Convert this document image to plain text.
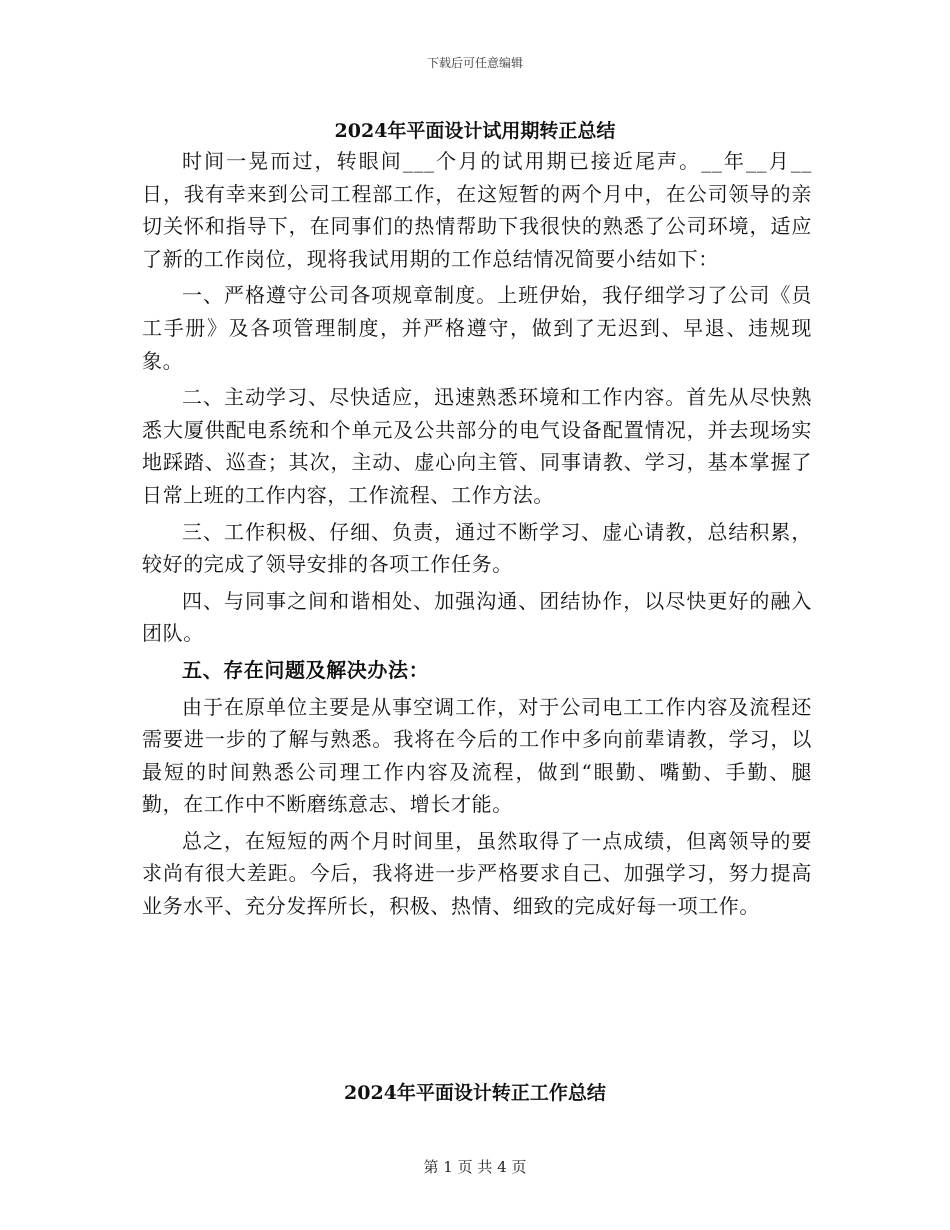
下载后可任意编辑
2024年平面设计试用期转正总结

时间一晃而过，转眼间___个月的试用期已接近尾声。__年__月__日，我有幸来到公司工程部工作，在这短暂的两个月中，在公司领导的亲切关怀和指导下，在同事们的热情帮助下我很快的熟悉了公司环境，适应了新的工作岗位，现将我试用期的工作总结情况简要小结如下：

一、严格遵守公司各项规章制度。上班伊始，我仔细学习了公司《员工手册》及各项管理制度，并严格遵守，做到了无迟到、早退、违规现象。

二、主动学习、尽快适应，迅速熟悉环境和工作内容。首先从尽快熟悉大厦供配电系统和个单元及公共部分的电气设备配置情况，并去现场实地踩踏、巡查；其次，主动、虚心向主管、同事请教、学习，基本掌握了日常上班的工作内容，工作流程、工作方法。

三、工作积极、仔细、负责，通过不断学习、虚心请教，总结积累，较好的完成了领导安排的各项工作任务。

四、与同事之间和谐相处、加强沟通、团结协作，以尽快更好的融入团队。

五、存在问题及解决办法：

由于在原单位主要是从事空调工作，对于公司电工工作内容及流程还需要进一步的了解与熟悉。我将在今后的工作中多向前辈请教，学习，以最短的时间熟悉公司理工作内容及流程，做到“眼勤、嘴勤、手勤、腿勤，在工作中不断磨练意志、增长才能。

总之，在短短的两个月时间里，虽然取得了一点成绩，但离领导的要求尚有很大差距。今后，我将进一步严格要求自己、加强学习，努力提高业务水平、充分发挥所长，积极、热情、细致的完成好每一项工作。

2024年平面设计转正工作总结
第 1 页 共 4 页
